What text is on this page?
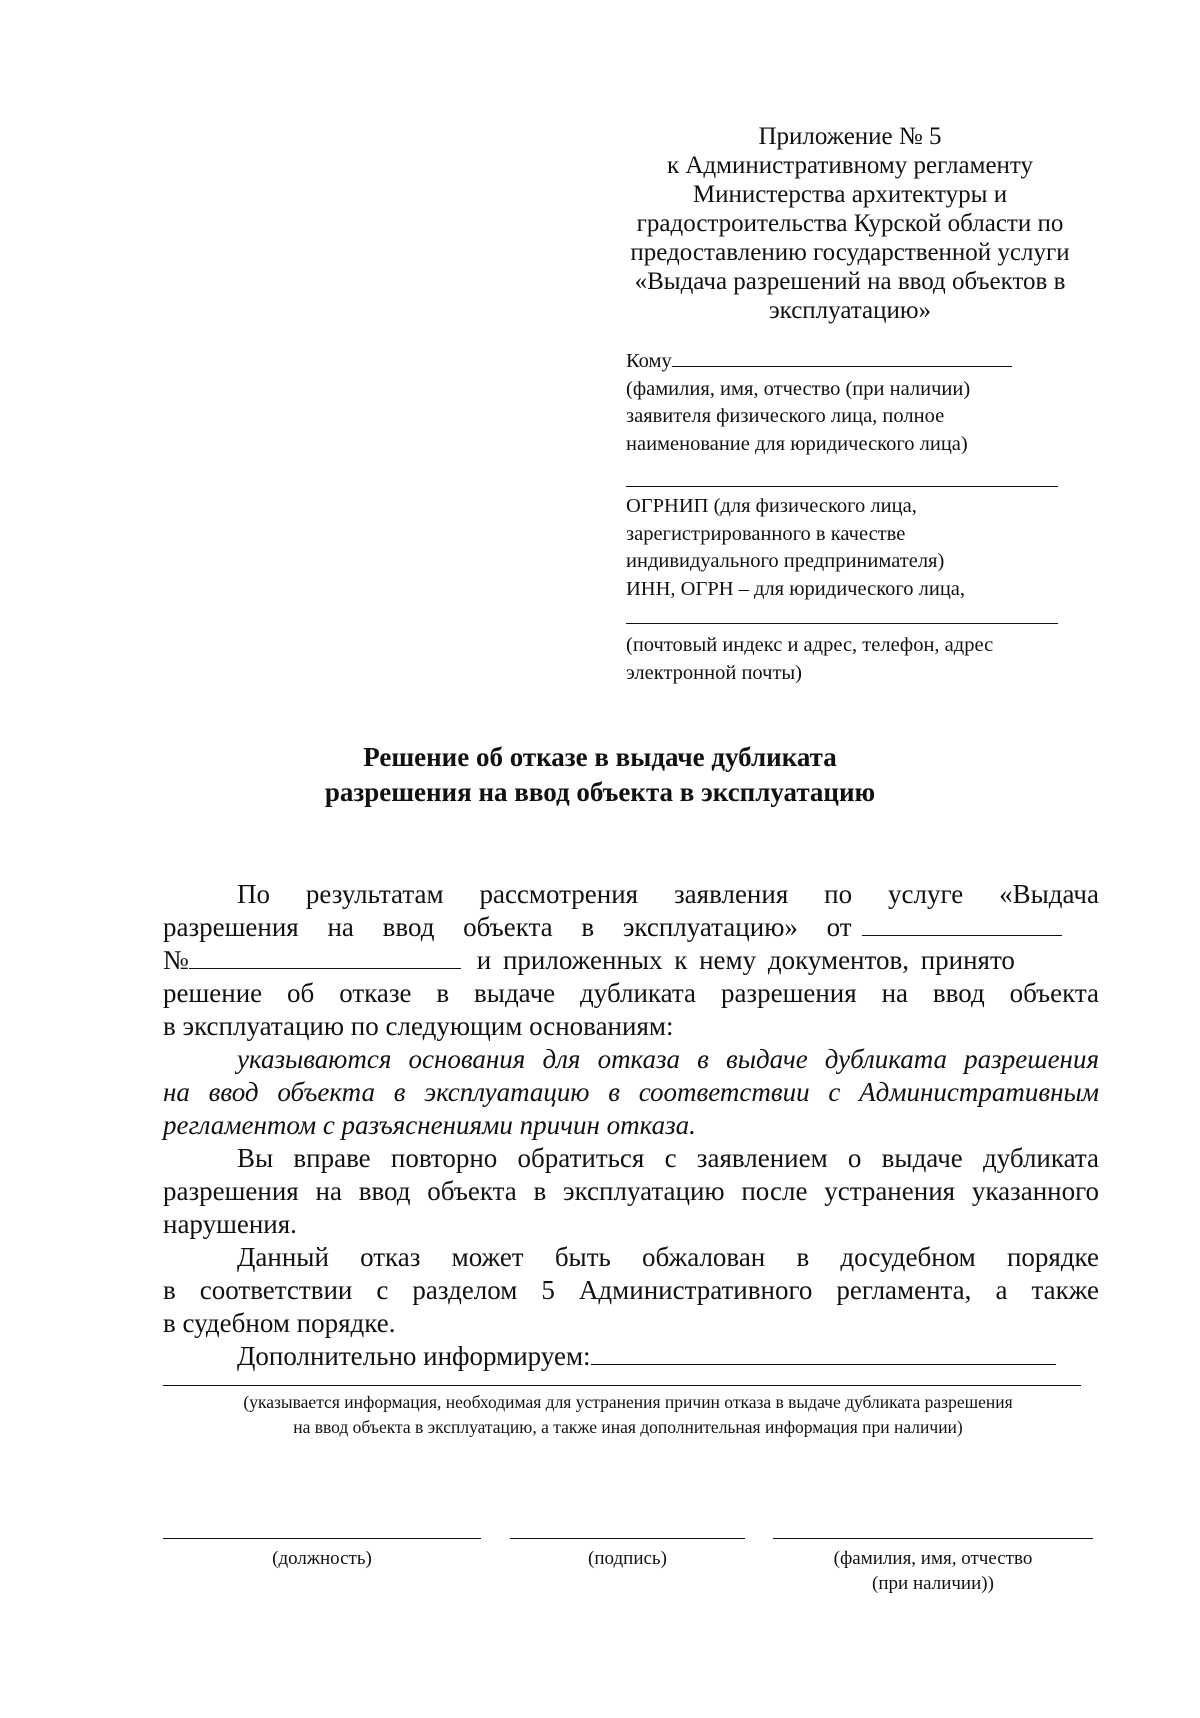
Приложение № 5
к Административному регламенту
Министерства архитектуры и
градостроительства Курской области по
предоставлению государственной услуги
«Выдача разрешений на ввод объектов в
эксплуатацию»
Кому
(фамилия, имя, отчество (при наличии)
заявителя физического лица, полное
наименование для юридического лица)
ОГРНИП (для физического лица,
зарегистрированного в качестве
индивидуального предпринимателя)
ИНН, ОГРН – для юридического лица,
(почтовый индекс и адрес, телефон, адрес
электронной почты)
Решение об отказе в выдаче дубликата
разрешения на ввод объекта в эксплуатацию
По результатам рассмотрения заявления по услуге «Выдача
разрешения на ввод объекта в эксплуатацию» от
№	и приложенных к нему документов, принято
решение об отказе в выдаче дубликата разрешения на ввод объекта
в эксплуатацию по следующим основаниям:
указываются основания для отказа в выдаче дубликата разрешения
на ввод объекта в эксплуатацию в соответствии с Административным
регламентом с разъяснениями причин отказа.
Вы вправе повторно обратиться с заявлением о выдаче дубликата
разрешения на ввод объекта в эксплуатацию после устранения указанного
нарушения.
Данный отказ может быть обжалован в досудебном порядке
в соответствии с разделом 5 Административного регламента, а также
в судебном порядке.
Дополнительно информируем:
(указывается информация, необходимая для устранения причин отказа в выдаче дубликата разрешения
на ввод объекта в эксплуатацию, а также иная дополнительная информация при наличии)
(должность)	(подпись)	(фамилия, имя, отчество
(при наличии))
